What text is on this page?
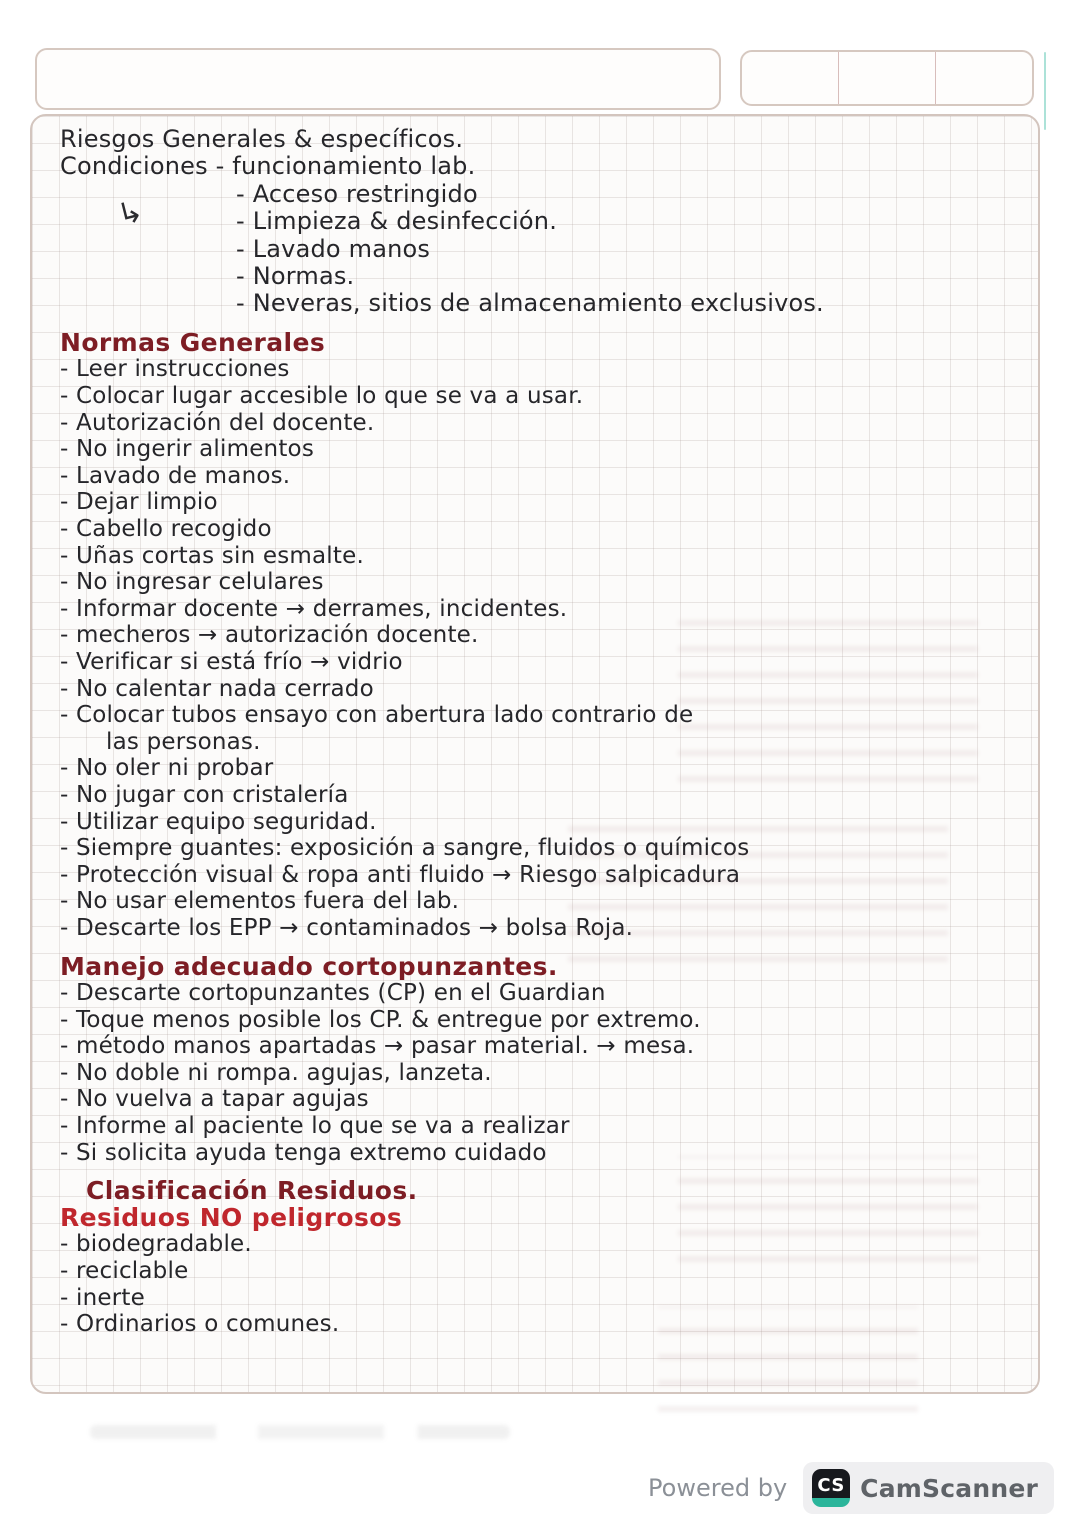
Riesgos Generales & específicos.
Condiciones - funcionamiento lab.
↳
- Acceso restringido
- Limpieza & desinfección.
- Lavado manos
- Normas.
- Neveras, sitios de almacenamiento exclusivos.
Normas Generales
- Leer instrucciones
- Colocar lugar accesible lo que se va a usar.
- Autorización del docente.
- No ingerir alimentos
- Lavado de manos.
- Dejar limpio
- Cabello recogido
- Uñas cortas sin esmalte.
- No ingresar celulares
- Informar docente → derrames, incidentes.
- mecheros → autorización docente.
- Verificar si está frío → vidrio
- No calentar nada cerrado
- Colocar tubos ensayo con abertura lado contrario de
las personas.
- No oler ni probar
- No jugar con cristalería
- Utilizar equipo seguridad.
- Siempre guantes: exposición a sangre, fluidos o químicos
- Protección visual & ropa anti fluido → Riesgo salpicadura
- No usar elementos fuera del lab.
- Descarte los EPP → contaminados → bolsa Roja.
Manejo adecuado cortopunzantes.
- Descarte cortopunzantes (CP) en el Guardian
- Toque menos posible los CP. & entregue por extremo.
- método manos apartadas → pasar material. → mesa.
- No doble ni rompa. agujas, lanzeta.
- No vuelva a tapar agujas
- Informe al paciente lo que se va a realizar
- Si solicita ayuda tenga extremo cuidado
Clasificación Residuos.
Residuos NO peligrosos
- biodegradable.
- reciclable
- inerte
- Ordinarios o comunes.
Powered by CS CamScanner
